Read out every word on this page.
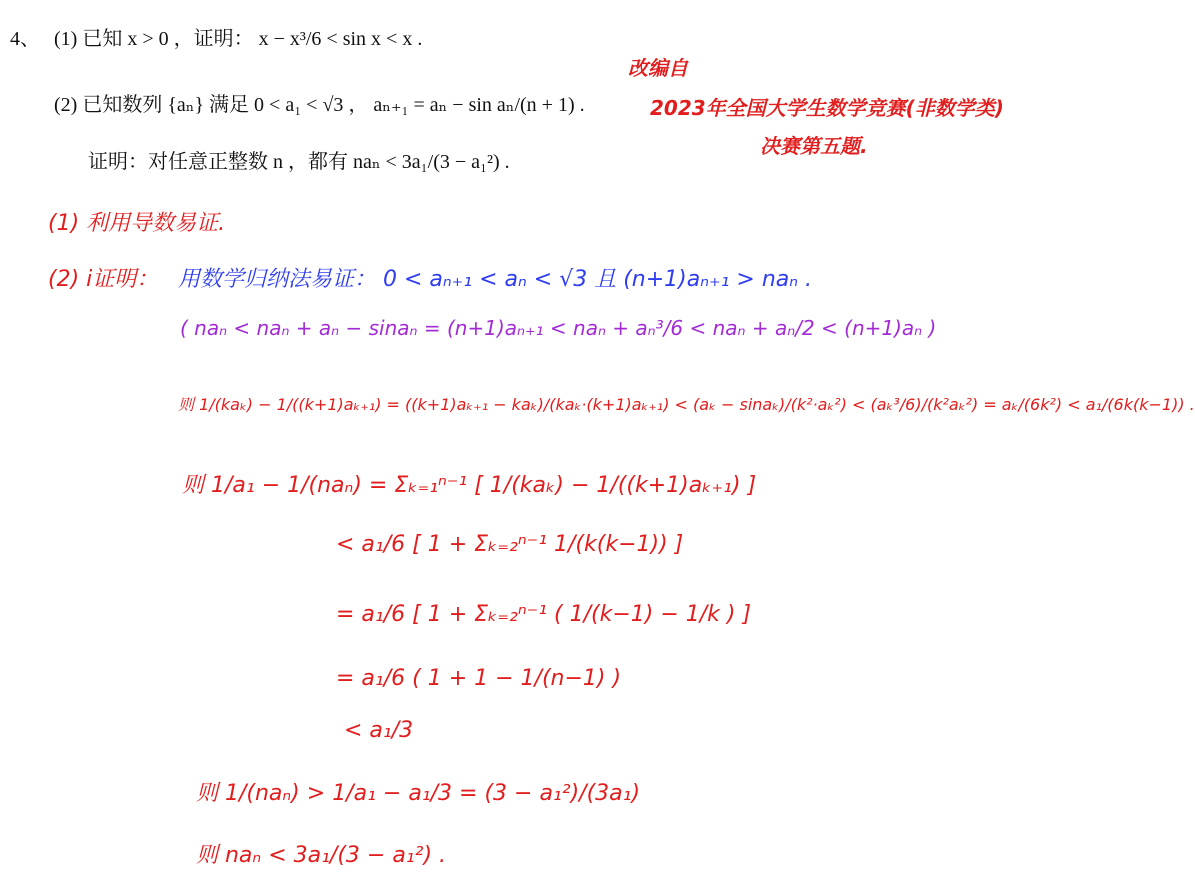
4、 (1) 已知 x > 0 ，证明： x − x³/6 < sin x < x .
(2) 已知数列 {aₙ} 满足 0 < a₁ < √3 ， aₙ₊₁ = aₙ − sin aₙ/(n + 1) .
证明：对任意正整数 n ，都有 naₙ < 3a₁/(3 − a₁²) .
改编自
2023年全国大学生数学竞赛(非数学类)
决赛第五题.
(1) 利用导数易证.
(2) i证明： 用数学归纳法易证： 0 < aₙ₊₁ < aₙ < √3 且 (n+1)aₙ₊₁ > naₙ .
( naₙ < naₙ + aₙ − sinaₙ = (n+1)aₙ₊₁ < naₙ + aₙ³/6 < naₙ + aₙ/2 < (n+1)aₙ )
则 1/(kaₖ) − 1/((k+1)aₖ₊₁) = ((k+1)aₖ₊₁ − kaₖ)/(kaₖ·(k+1)aₖ₊₁) < (aₖ − sinaₖ)/(k²·aₖ²) < (aₖ³/6)/(k²aₖ²) = aₖ/(6k²) < a₁/(6k(k−1)) .
则 1/a₁ − 1/(naₙ) = Σₖ₌₁ⁿ⁻¹ [ 1/(kaₖ) − 1/((k+1)aₖ₊₁) ]
< a₁/6 [ 1 + Σₖ₌₂ⁿ⁻¹ 1/(k(k−1)) ]
= a₁/6 [ 1 + Σₖ₌₂ⁿ⁻¹ ( 1/(k−1) − 1/k ) ]
= a₁/6 ( 1 + 1 − 1/(n−1) )
< a₁/3
则 1/(naₙ) > 1/a₁ − a₁/3 = (3 − a₁²)/(3a₁)
则 naₙ < 3a₁/(3 − a₁²) .
